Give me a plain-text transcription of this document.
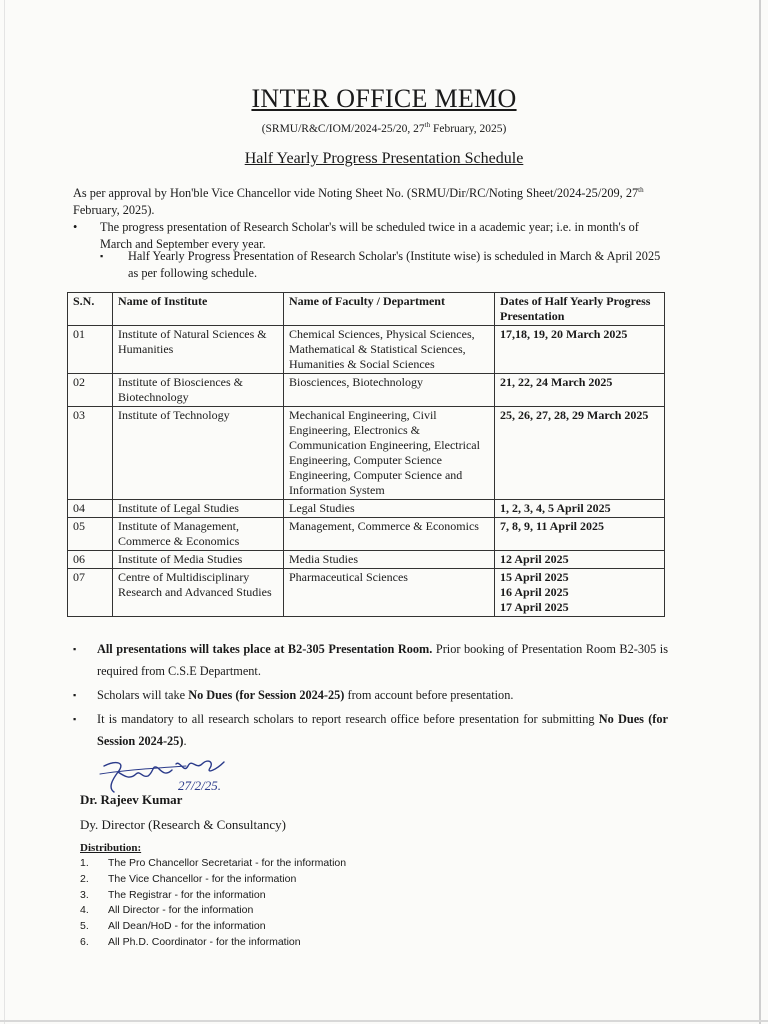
INTER OFFICE MEMO
(SRMU/R&C/IOM/2024-25/20, 27th February, 2025)
Half Yearly Progress Presentation Schedule
As per approval by Hon'ble Vice Chancellor vide Noting Sheet No. (SRMU/Dir/RC/Noting Sheet/2024-25/209, 27th February, 2025).
• The progress presentation of Research Scholar's will be scheduled twice in a academic year; i.e. in month's of March and September every year.
▪ Half Yearly Progress Presentation of Research Scholar's (Institute wise) is scheduled in March & April 2025 as per following schedule.
S.N.	Name of Institute	Name of Faculty / Department	Dates of Half Yearly Progress Presentation
01	Institute of Natural Sciences & Humanities	Chemical Sciences, Physical Sciences, Mathematical & Statistical Sciences, Humanities & Social Sciences	17,18, 19, 20 March 2025

02	Institute of Biosciences & Biotechnology	Biosciences, Biotechnology	21, 22, 24 March 2025

03	Institute of Technology	Mechanical Engineering, Civil Engineering, Electronics & Communication Engineering, Electrical Engineering, Computer Science Engineering, Computer Science and Information System	25, 26, 27, 28, 29 March 2025

04	Institute of Legal Studies	Legal Studies	1, 2, 3, 4, 5 April 2025

05	Institute of Management, Commerce & Economics	Management, Commerce & Economics	7, 8, 9, 11 April 2025

06	Institute of Media Studies	Media Studies	12 April 2025

07	Centre of Multidisciplinary Research and Advanced Studies	Pharmaceutical Sciences	15 April 2025
16 April 2025
17 April 2025
▪ All presentations will takes place at B2-305 Presentation Room. Prior booking of Presentation Room B2-305 is required from C.S.E Department.
▪ Scholars will take No Dues (for Session 2024-25) from account before presentation.
▪ It is mandatory to all research scholars to report research office before presentation for submitting No Dues (for Session 2024-25).
27/2/25.
Dr. Rajeev Kumar
Dy. Director (Research & Consultancy)
Distribution:
1. The Pro Chancellor Secretariat - for the information
2. The Vice Chancellor - for the information
3. The Registrar - for the information
4. All Director - for the information
5. All Dean/HoD - for the information
6. All Ph.D. Coordinator - for the information
